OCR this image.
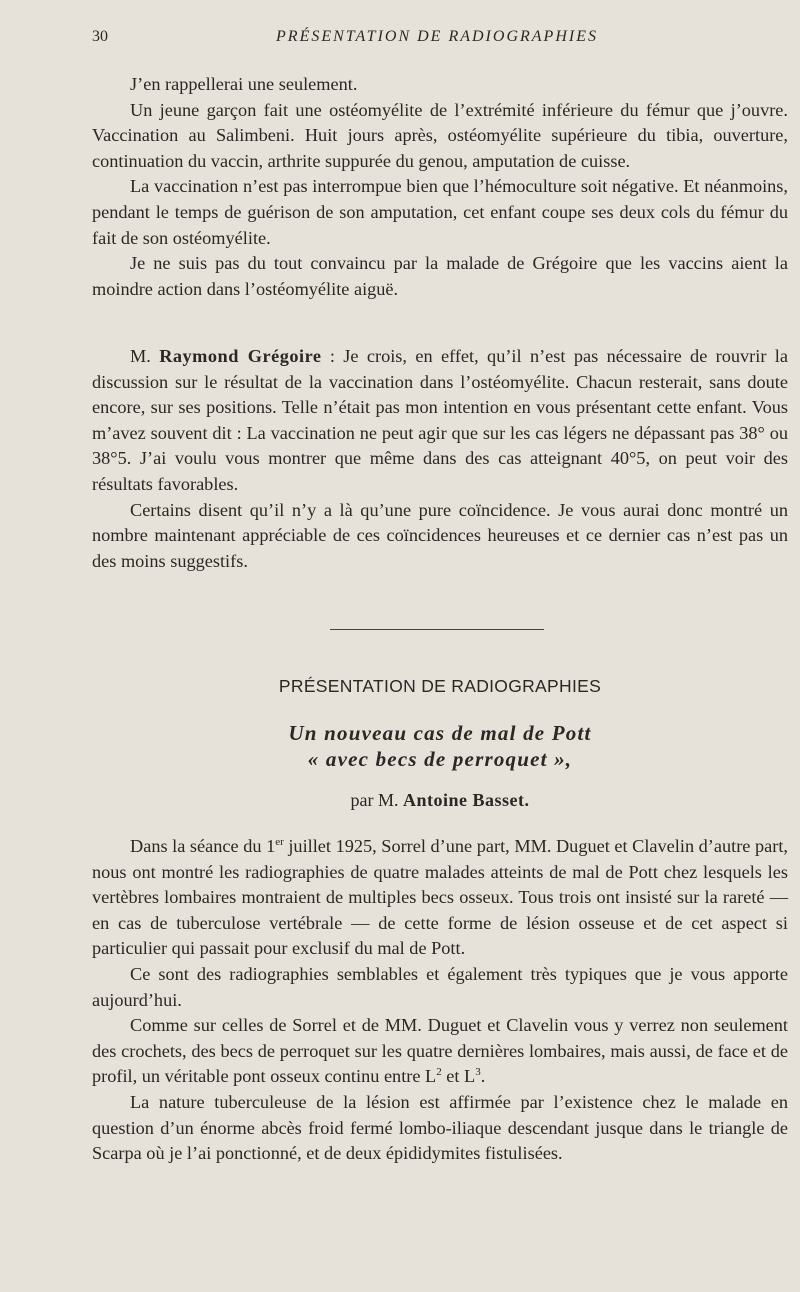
30	PRÉSENTATION DE RADIOGRAPHIES

J’en rappellerai une seulement.

Un jeune garçon fait une ostéomyélite de l’extrémité inférieure du fémur que j’ouvre. Vaccination au Salimbeni. Huit jours après, ostéomyélite supérieure du tibia, ouverture, continuation du vaccin, arthrite suppurée du genou, amputation de cuisse.

La vaccination n’est pas interrompue bien que l’hémoculture soit négative. Et néanmoins, pendant le temps de guérison de son amputation, cet enfant coupe ses deux cols du fémur du fait de son ostéomyélite.

Je ne suis pas du tout convaincu par la malade de Grégoire que les vaccins aient la moindre action dans l’ostéomyélite aiguë.

M. Raymond Grégoire : Je crois, en effet, qu’il n’est pas nécessaire de rouvrir la discussion sur le résultat de la vaccination dans l’ostéomyélite. Chacun resterait, sans doute encore, sur ses positions. Telle n’était pas mon intention en vous présentant cette enfant. Vous m’avez souvent dit : La vaccination ne peut agir que sur les cas légers ne dépassant pas 38° ou 38°5. J’ai voulu vous montrer que même dans des cas atteignant 40°5, on peut voir des résultats favorables.

Certains disent qu’il n’y a là qu’une pure coïncidence. Je vous aurai donc montré un nombre maintenant appréciable de ces coïncidences heureuses et ce dernier cas n’est pas un des moins suggestifs.

PRÉSENTATION DE RADIOGRAPHIES
Un nouveau cas de mal de Pott
« avec becs de perroquet »,
par M. Antoine Basset.

Dans la séance du 1er juillet 1925, Sorrel d’une part, MM. Duguet et Clavelin d’autre part, nous ont montré les radiographies de quatre malades atteints de mal de Pott chez lesquels les vertèbres lombaires montraient de multiples becs osseux. Tous trois ont insisté sur la rareté — en cas de tuberculose vertébrale — de cette forme de lésion osseuse et de cet aspect si particulier qui passait pour exclusif du mal de Pott.

Ce sont des radiographies semblables et également très typiques que je vous apporte aujourd’hui.

Comme sur celles de Sorrel et de MM. Duguet et Clavelin vous y verrez non seulement des crochets, des becs de perroquet sur les quatre dernières lombaires, mais aussi, de face et de profil, un véritable pont osseux continu entre $L^2$ et $L^3$.

La nature tuberculeuse de la lésion est affirmée par l’existence chez le malade en question d’un énorme abcès froid fermé lombo-iliaque descendant jusque dans le triangle de Scarpa où je l’ai ponctionné, et de deux épididymites fistulisées.
